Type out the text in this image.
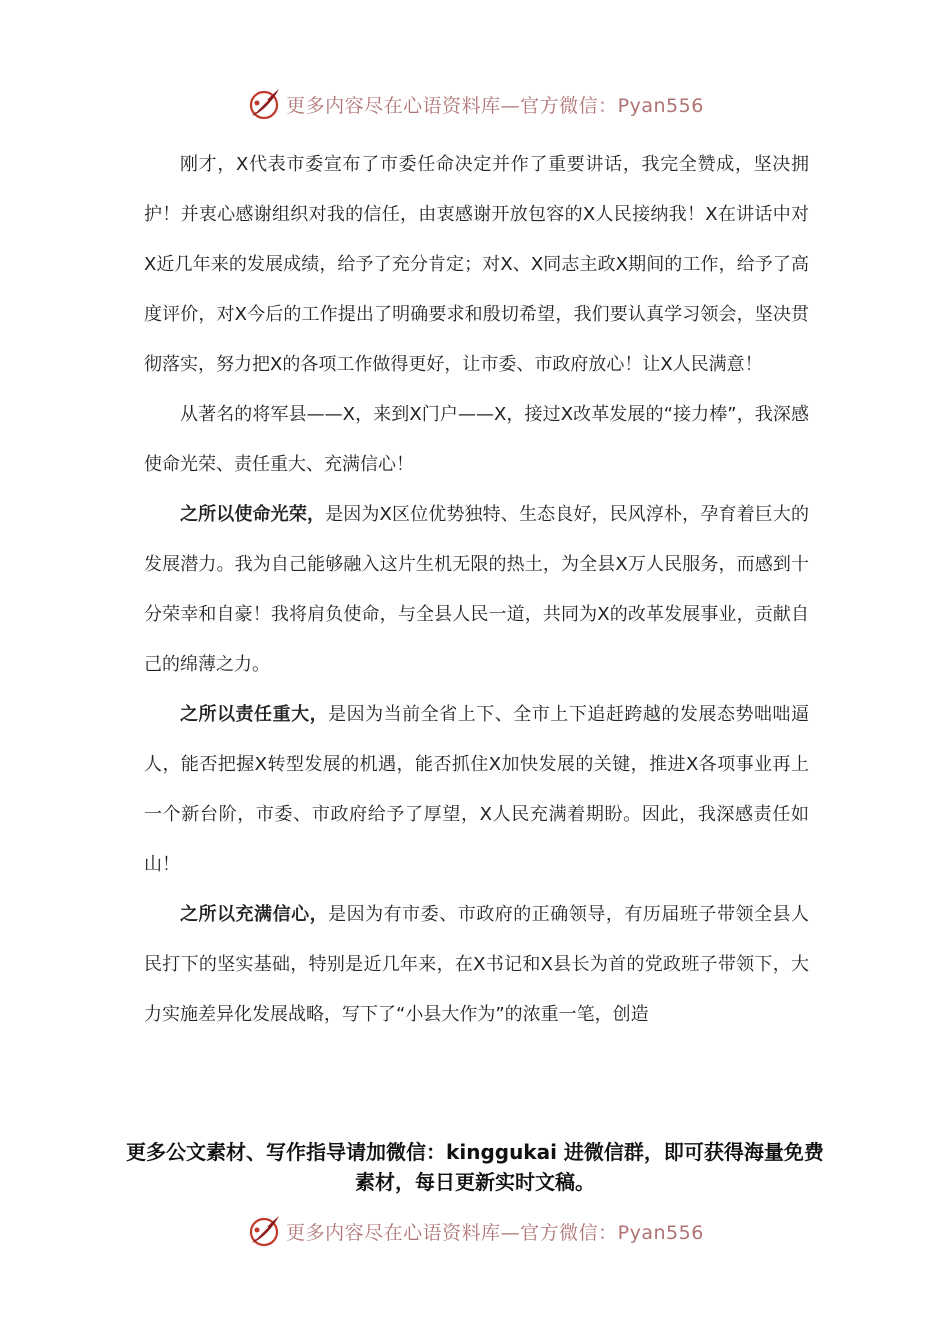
更多内容尽在心语资料库—官方微信：Pyan556

刚才，X代表市委宣布了市委任命决定并作了重要讲话，我完全赞成，坚决拥护！并衷心感谢组织对我的信任，由衷感谢开放包容的X人民接纳我！X在讲话中对X近几年来的发展成绩，给予了充分肯定；对X、X同志主政X期间的工作，给予了高度评价，对X今后的工作提出了明确要求和殷切希望，我们要认真学习领会，坚决贯彻落实，努力把X的各项工作做得更好，让市委、市政府放心！让X人民满意！

从著名的将军县——X，来到X门户——X，接过X改革发展的“接力棒”，我深感使命光荣、责任重大、充满信心！

之所以使命光荣，是因为X区位优势独特、生态良好，民风淳朴，孕育着巨大的发展潜力。我为自己能够融入这片生机无限的热土，为全县X万人民服务，而感到十分荣幸和自豪！我将肩负使命，与全县人民一道，共同为X的改革发展事业，贡献自己的绵薄之力。

之所以责任重大，是因为当前全省上下、全市上下追赶跨越的发展态势咄咄逼人，能否把握X转型发展的机遇，能否抓住X加快发展的关键，推进X各项事业再上一个新台阶，市委、市政府给予了厚望，X人民充满着期盼。因此，我深感责任如山！

之所以充满信心，是因为有市委、市政府的正确领导，有历届班子带领全县人民打下的坚实基础，特别是近几年来，在X书记和X县长为首的党政班子带领下，大力实施差异化发展战略，写下了“小县大作为”的浓重一笔，创造

更多公文素材、写作指导请加微信：kinggukai 进微信群，即可获得海量免费素材，每日更新实时文稿。
更多内容尽在心语资料库—官方微信：Pyan556
